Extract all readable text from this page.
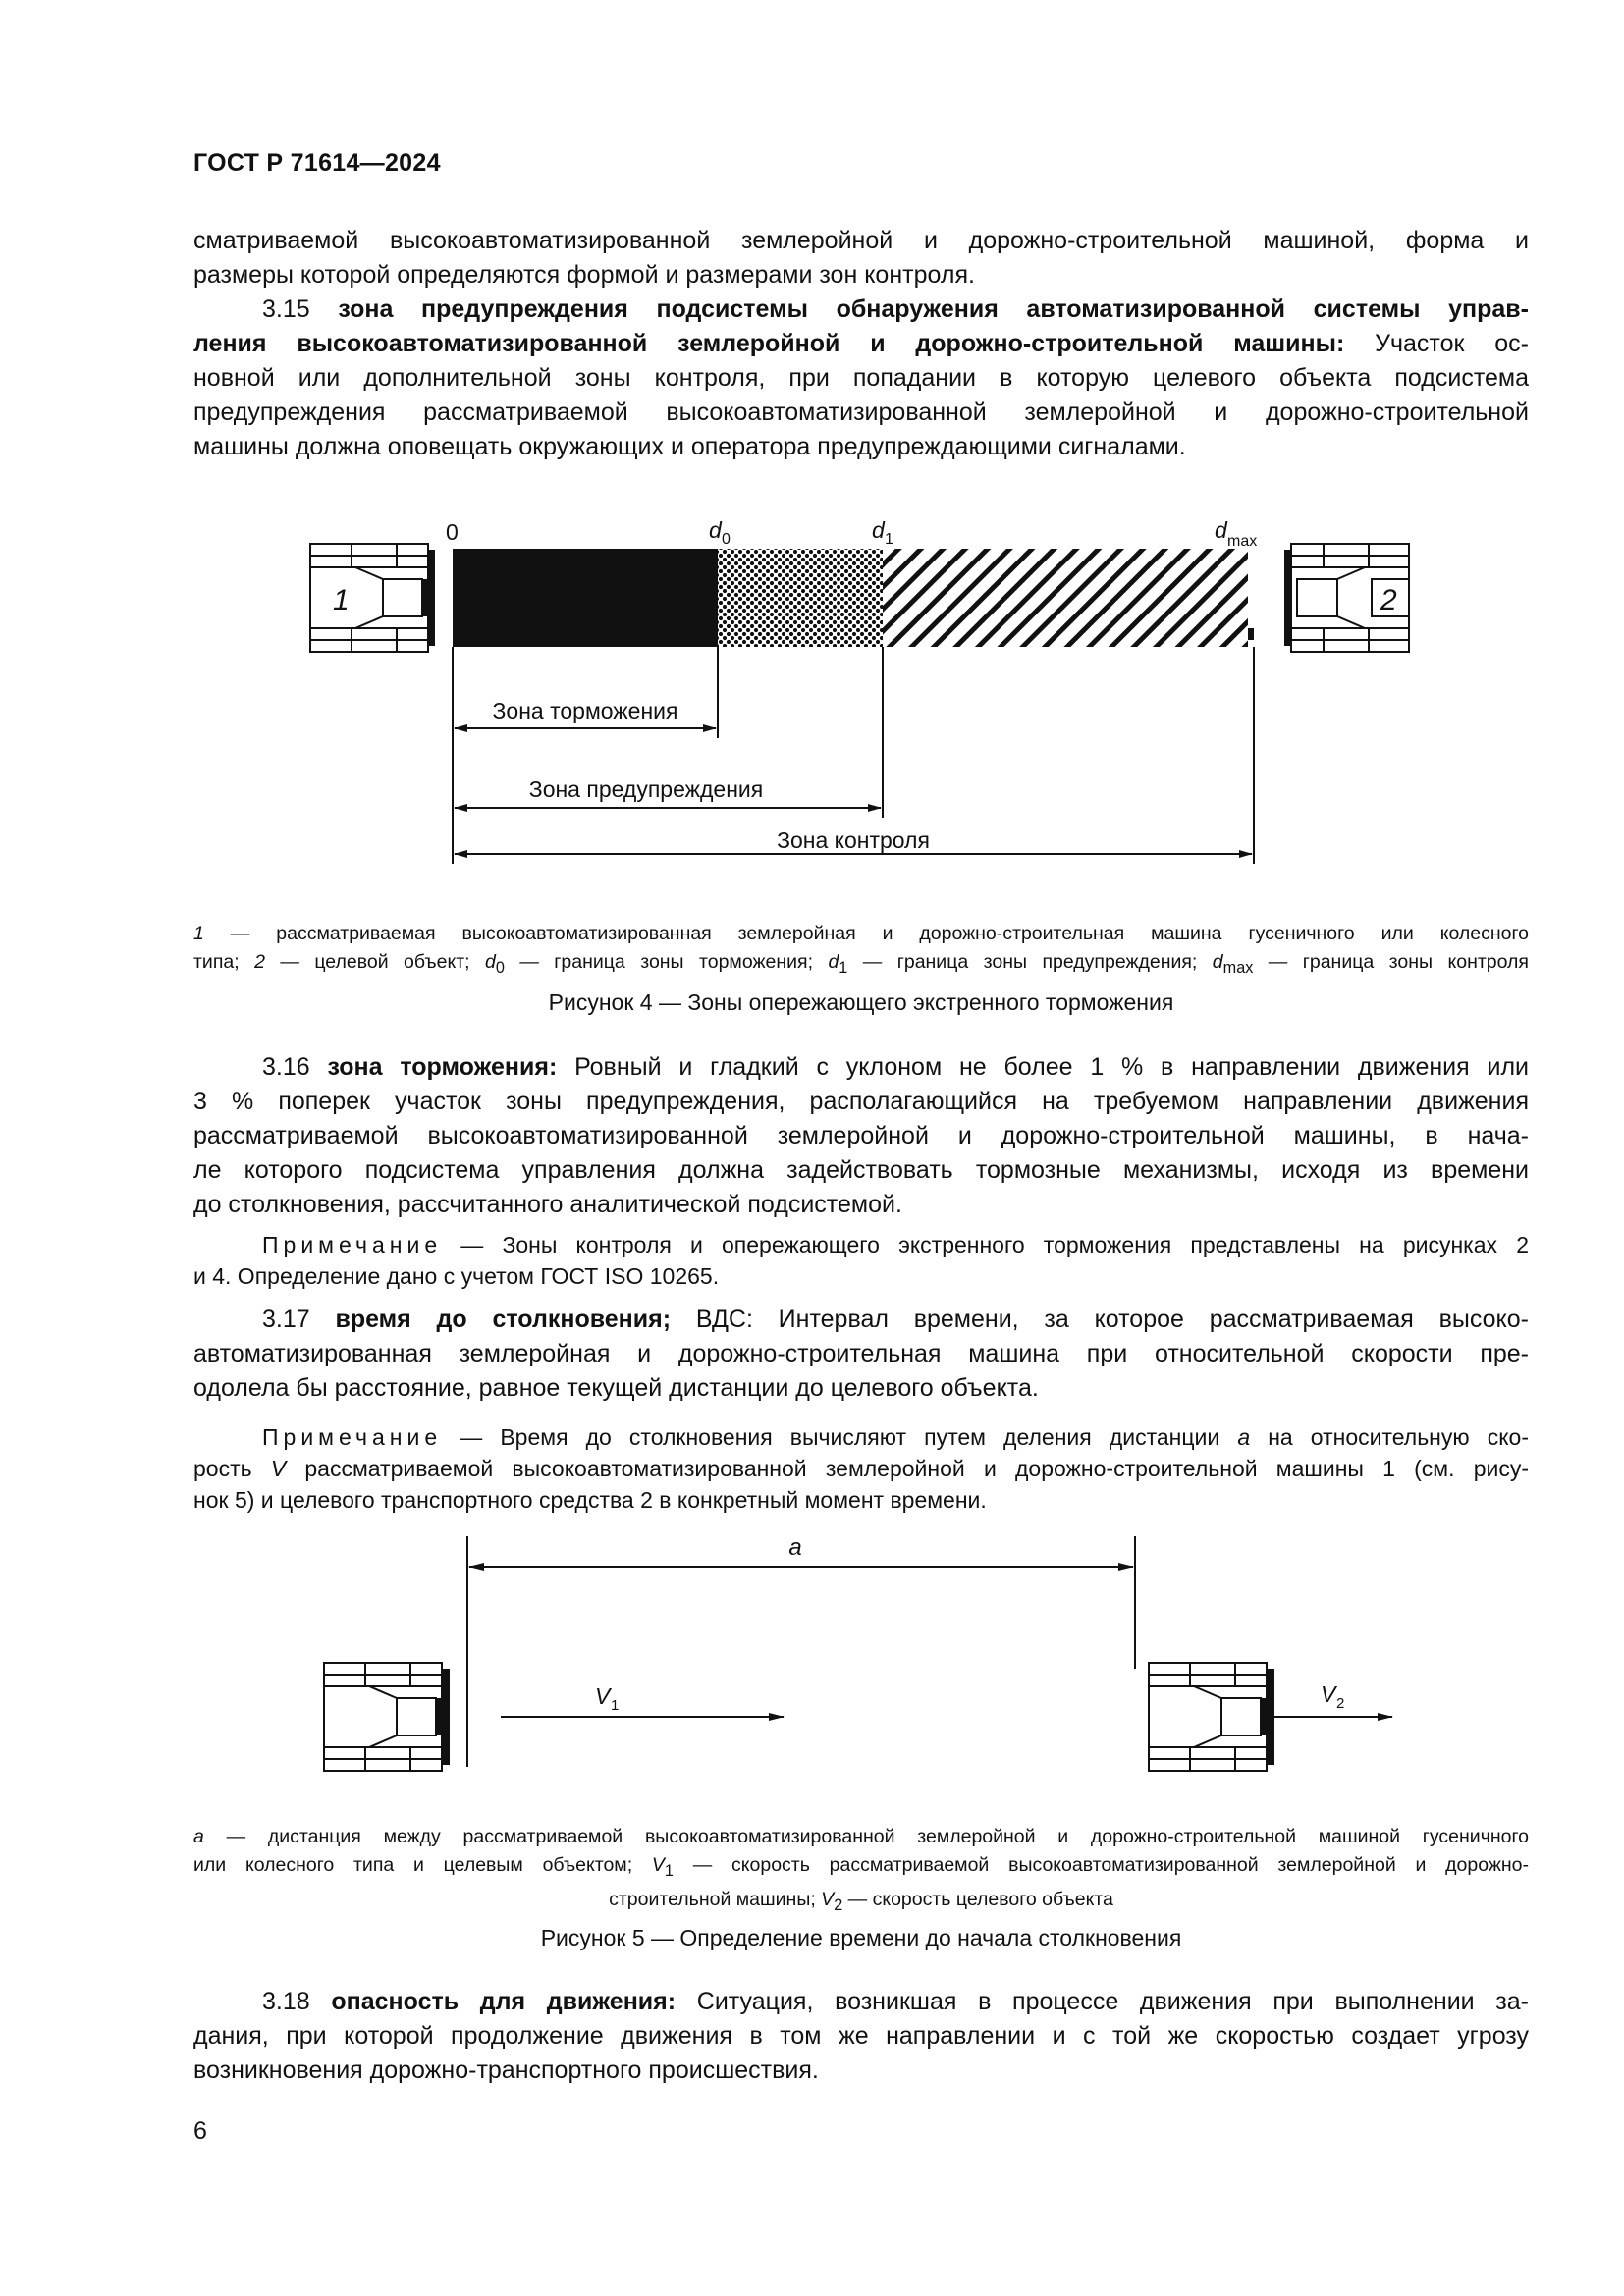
ГОСТ Р 71614—2024
сматриваемой высокоавтоматизированной землеройной и дорожно-строительной машиной, форма и
размеры которой определяются формой и размерами зон контроля.
3.15 зона предупреждения подсистемы обнаружения автоматизированной системы управ-
ления высокоавтоматизированной землеройной и дорожно-строительной машины: Участок ос-
новной или дополнительной зоны контроля, при попадании в которую целевого объекта подсистема
предупреждения рассматриваемой высокоавтоматизированной землеройной и дорожно-строительной
машины должна оповещать окружающих и оператора предупреждающими сигналами.
1	2
0	d 0	d 1	d max
Зона торможения
Зона предупреждения
Зона контроля
1 — рассматриваемая высокоавтоматизированная землеройная и дорожно-строительная машина гусеничного или колесного
типа; 2 — целевой объект; $d_0$ — граница зоны торможения; $d_1$ — граница зоны предупреждения; $d_{max}$ — граница зоны контроля
Рисунок 4 — Зоны опережающего экстренного торможения
3.16 зона торможения: Ровный и гладкий с уклоном не более 1 % в направлении движения или
3 % поперек участок зоны предупреждения, располагающийся на требуемом направлении движения
рассматриваемой высокоавтоматизированной землеройной и дорожно-строительной машины, в нача-
ле которого подсистема управления должна задействовать тормозные механизмы, исходя из времени
до столкновения, рассчитанного аналитической подсистемой.
Примечание — Зоны контроля и опережающего экстренного торможения представлены на рисунках 2
и 4. Определение дано с учетом ГОСТ ISO 10265.
3.17 время до столкновения; ВДС: Интервал времени, за которое рассматриваемая высоко-
автоматизированная землеройная и дорожно-строительная машина при относительной скорости пре-
одолела бы расстояние, равное текущей дистанции до целевого объекта.
Примечание — Время до столкновения вычисляют путем деления дистанции a на относительную ско-
рость V рассматриваемой высокоавтоматизированной землеройной и дорожно-строительной машины 1 (см. рису-
нок 5) и целевого транспортного средства 2 в конкретный момент времени.
a
V 1	V 2
a — дистанция между рассматриваемой высокоавтоматизированной землеройной и дорожно-строительной машиной гусеничного
или колесного типа и целевым объектом; $V_1$ — скорость рассматриваемой высокоавтоматизированной землеройной и дорожно-
строительной машины; $V_2$ — скорость целевого объекта
Рисунок 5 — Определение времени до начала столкновения
3.18 опасность для движения: Ситуация, возникшая в процессе движения при выполнении за-
дания, при которой продолжение движения в том же направлении и с той же скоростью создает угрозу
возникновения дорожно-транспортного происшествия.
6
